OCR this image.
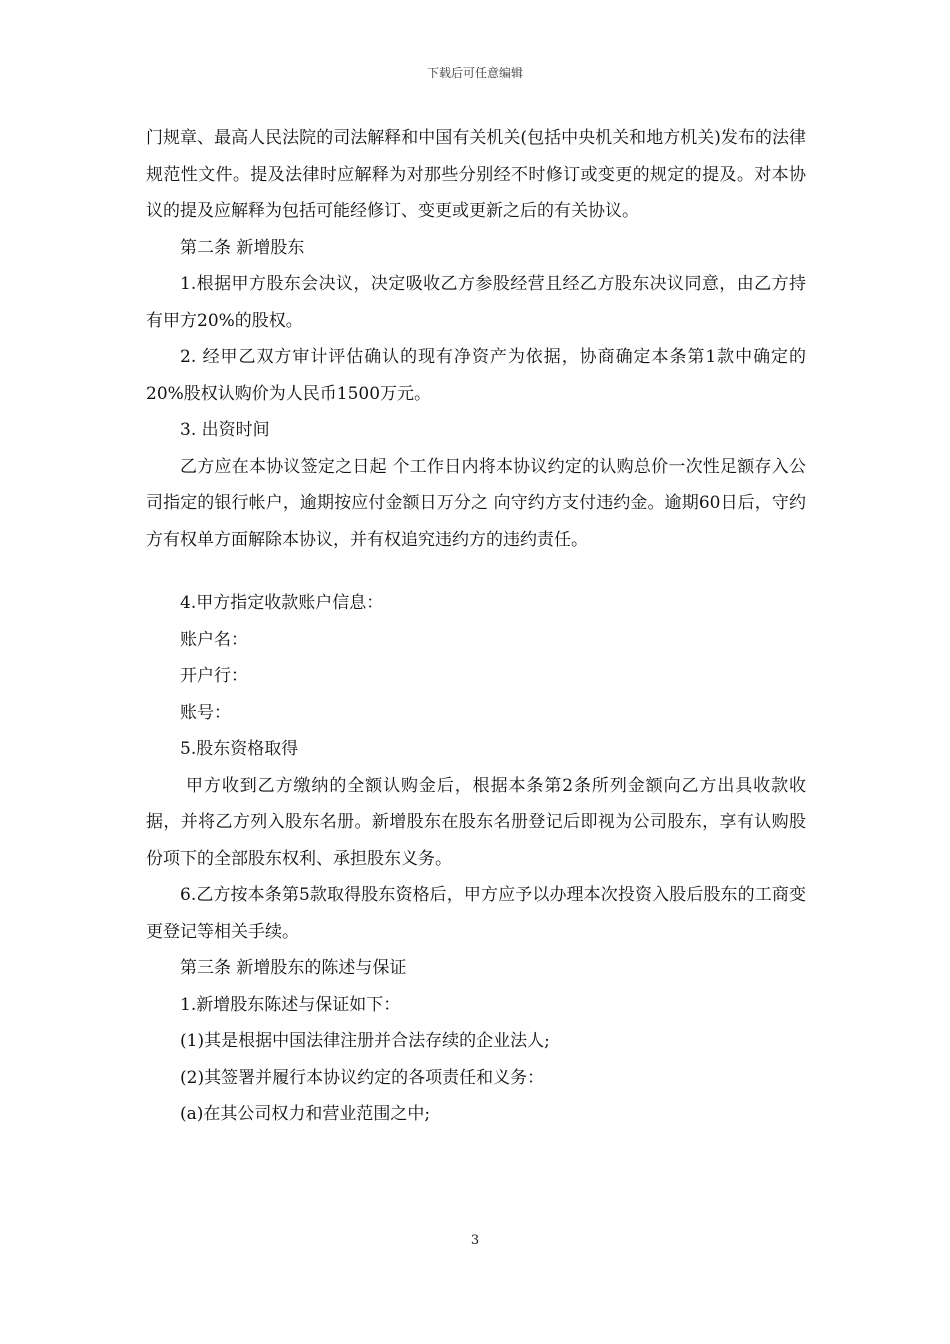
下载后可任意编辑

门规章、最高人民法院的司法解释和中国有关机关(包括中央机关和地方机关)发布的法律规范性文件。提及法律时应解释为对那些分别经不时修订或变更的规定的提及。对本协议的提及应解释为包括可能经修订、变更或更新之后的有关协议。

第二条 新增股东

1.根据甲方股东会决议，决定吸收乙方参股经营且经乙方股东决议同意，由乙方持有甲方20%的股权。

2. 经甲乙双方审计评估确认的现有净资产为依据，协商确定本条第1款中确定的20%股权认购价为人民币1500万元。

3. 出资时间

乙方应在本协议签定之日起 个工作日内将本协议约定的认购总价一次性足额存入公司指定的银行帐户，逾期按应付金额日万分之 向守约方支付违约金。逾期60日后，守约方有权单方面解除本协议，并有权追究违约方的违约责任。

4.甲方指定收款账户信息：

账户名：

开户行：

账号：

5.股东资格取得

甲方收到乙方缴纳的全额认购金后，根据本条第2条所列金额向乙方出具收款收据，并将乙方列入股东名册。新增股东在股东名册登记后即视为公司股东，享有认购股份项下的全部股东权利、承担股东义务。

6.乙方按本条第5款取得股东资格后，甲方应予以办理本次投资入股后股东的工商变更登记等相关手续。

第三条 新增股东的陈述与保证

1.新增股东陈述与保证如下：

(1)其是根据中国法律注册并合法存续的企业法人;

(2)其签署并履行本协议约定的各项责任和义务：

(a)在其公司权力和营业范围之中;

3
